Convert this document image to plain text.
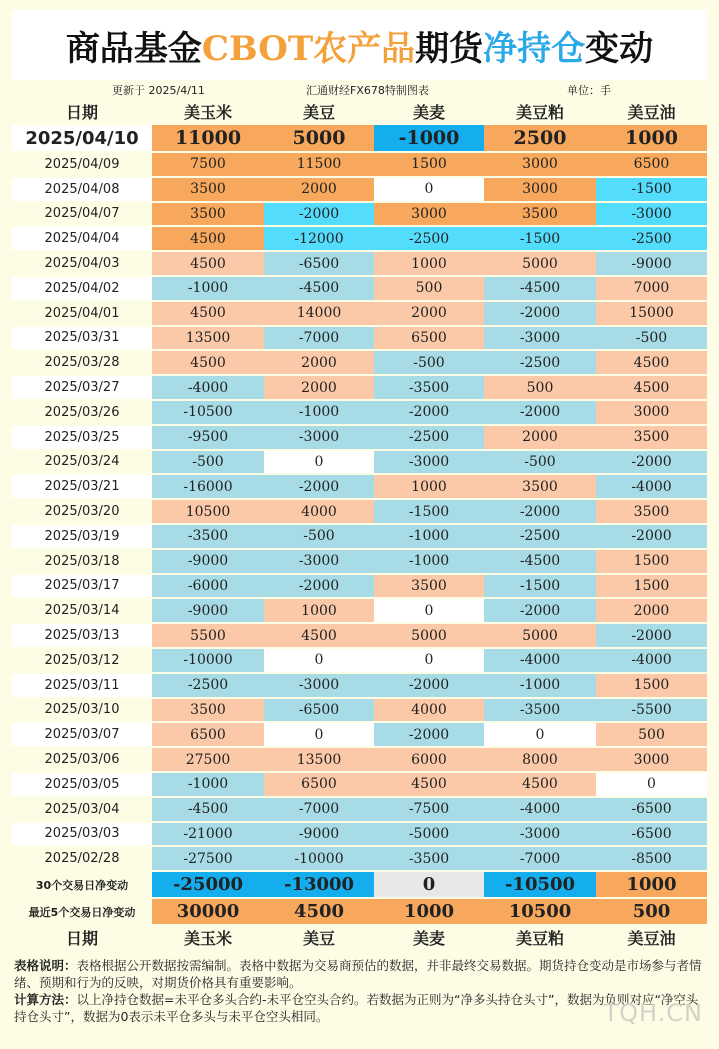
商品基金 CBOT农产品 期货 净持仓 变动
更新于 2025/4/11	汇通财经FX678特制图表	单位：手
日期	美玉米	美豆	美麦	美豆粕	美豆油
2025/04/10	11000	5000	-1000	2500	1000
2025/04/09	7500	11500	1500	3000	6500
2025/04/08	3500	2000	0	3000	-1500
2025/04/07	3500	-2000	3000	3500	-3000
2025/04/04	4500	-12000	-2500	-1500	-2500
2025/04/03	4500	-6500	1000	5000	-9000
2025/04/02	-1000	-4500	500	-4500	7000
2025/04/01	4500	14000	2000	-2000	15000
2025/03/31	13500	-7000	6500	-3000	-500
2025/03/28	4500	2000	-500	-2500	4500
2025/03/27	-4000	2000	-3500	500	4500
2025/03/26	-10500	-1000	-2000	-2000	3000
2025/03/25	-9500	-3000	-2500	2000	3500
2025/03/24	-500	0	-3000	-500	-2000
2025/03/21	-16000	-2000	1000	3500	-4000
2025/03/20	10500	4000	-1500	-2000	3500
2025/03/19	-3500	-500	-1000	-2500	-2000
2025/03/18	-9000	-3000	-1000	-4500	1500
2025/03/17	-6000	-2000	3500	-1500	1500
2025/03/14	-9000	1000	0	-2000	2000
2025/03/13	5500	4500	5000	5000	-2000
2025/03/12	-10000	0	0	-4000	-4000
2025/03/11	-2500	-3000	-2000	-1000	1500
2025/03/10	3500	-6500	4000	-3500	-5500
2025/03/07	6500	0	-2000	0	500
2025/03/06	27500	13500	6000	8000	3000
2025/03/05	-1000	6500	4500	4500	0
2025/03/04	-4500	-7000	-7500	-4000	-6500
2025/03/03	-21000	-9000	-5000	-3000	-6500
2025/02/28	-27500	-10000	-3500	-7000	-8500
30个交易日净变动	-25000	-13000	0	-10500	1000
最近5个交易日净变动	30000	4500	1000	10500	500
日期	美玉米	美豆	美麦	美豆粕	美豆油
表格说明：表格根据公开数据按需编制。表格中数据为交易商预估的数据，并非最终交易数据。期货持仓变动是市场参与者情绪、预期和行为的反映，对期货价格具有重要影响。
计算方法：以上净持仓数据=未平仓多头合约-未平仓空头合约。若数据为正则为“净多头持仓头寸”，数据为负则对应“净空头持仓头寸”，数据为0表示未平仓多头与未平仓空头相同。	TQH.CN
